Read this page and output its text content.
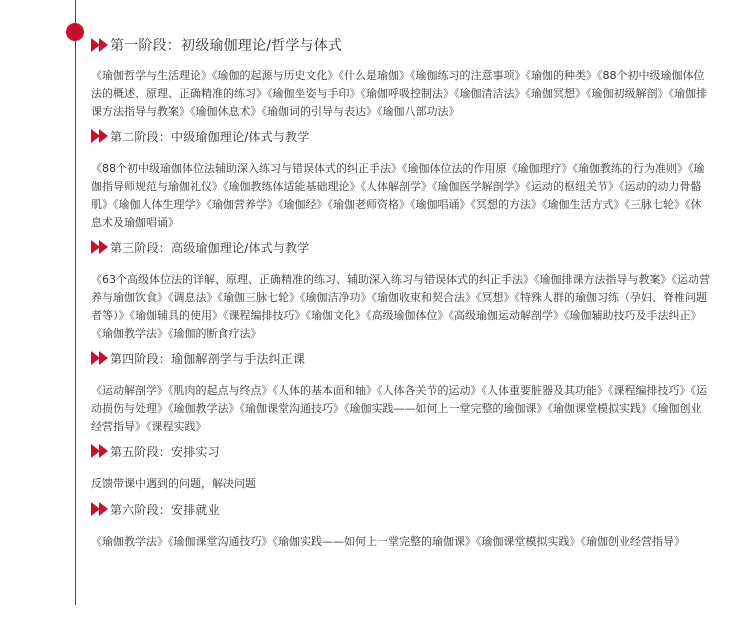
第一阶段：初级瑜伽理论/哲学与体式

《瑜伽哲学与生活理论》《瑜伽的起源与历史文化》《什么是瑜伽》《瑜伽练习的注意事项》《瑜伽的种类》《88个初中级瑜伽体位法的概述、原理、正确精准的练习》《瑜伽坐姿与手印》《瑜伽呼吸控制法》《瑜伽清洁法》《瑜伽冥想》《瑜伽初级解剖》《瑜伽排课方法指导与教案》《瑜伽休息术》《瑜伽词的引导与表达》《瑜伽八部功法》

第二阶段：中级瑜伽理论/体式与教学

《88个初中级瑜伽体位法辅助深入练习与错误体式的纠正手法》《瑜伽体位法的作用原《瑜伽理疗》《瑜伽教练的行为准则》《瑜伽指导师规范与瑜伽礼仪》《瑜伽教练体适能基础理论》《人体解剖学》《瑜伽医学解剖学》《运动的枢纽关节》《运动的动力骨骼肌》《瑜伽人体生理学》《瑜伽营养学》《瑜伽经》《瑜伽老师资格》《瑜伽唱诵》《冥想的方法》《瑜伽生活方式》《三脉七轮》《休息术及瑜伽唱诵》

第三阶段：高级瑜伽理论/体式与教学

《63个高级体位法的详解、原理、正确精准的练习、辅助深入练习与错误体式的纠正手法》《瑜伽排课方法指导与教案》《运动营养与瑜伽饮食》《调息法》《瑜伽三脉七轮》《瑜伽洁净功》《瑜伽收束和契合法》《冥想》《特殊人群的瑜伽习练（孕妇、脊椎问题者等）》《瑜伽辅具的使用》《课程编排技巧》《瑜伽文化》《高级瑜伽体位》《高级瑜伽运动解剖学》《瑜伽辅助技巧及手法纠正》《瑜伽教学法》《瑜伽的断食疗法》

第四阶段：瑜伽解剖学与手法纠正课

《运动解剖学》《肌肉的起点与终点》《人体的基本面和轴》《人体各关节的运动》《人体重要脏器及其功能》《课程编排技巧》《运动损伤与处理》《瑜伽教学法》《瑜伽课堂沟通技巧》《瑜伽实践——如何上一堂完整的瑜伽课》《瑜伽课堂模拟实践》《瑜伽创业经营指导》《课程实践》

第五阶段：安排实习

反馈带课中遇到的问题，解决问题

第六阶段：安排就业

《瑜伽教学法》《瑜伽课堂沟通技巧》《瑜伽实践——如何上一堂完整的瑜伽课》《瑜伽课堂模拟实践》《瑜伽创业经营指导》
